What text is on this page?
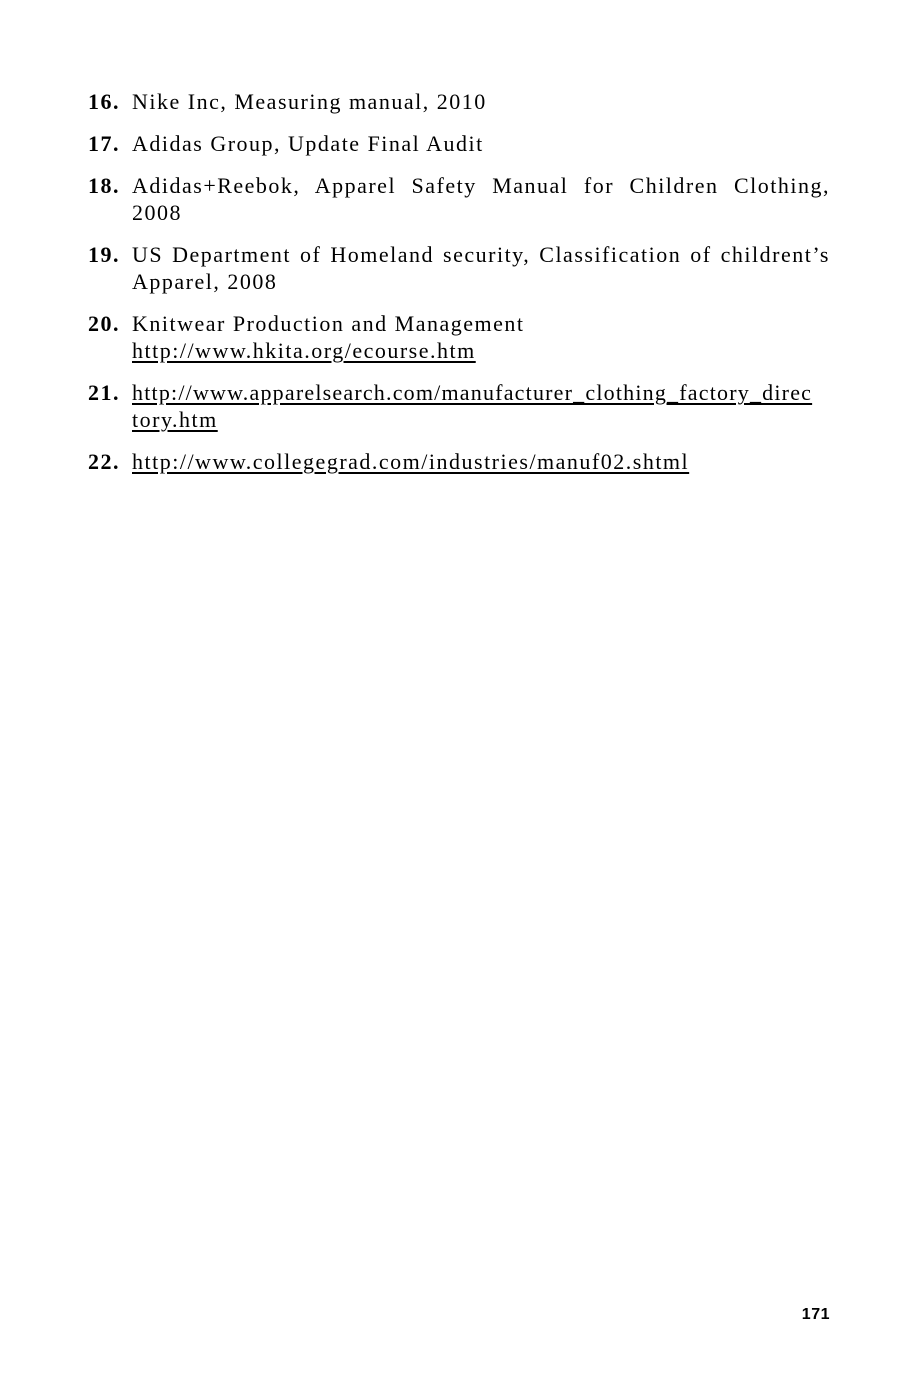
16. Nike Inc, Measuring manual, 2010
17. Adidas Group, Update Final Audit
18. Adidas+Reebok, Apparel Safety Manual for Children Clothing,
2008
19. US Department of Homeland security, Classification of childrent’s
Apparel, 2008
20. Knitwear Production and Management
http://www.hkita.org/ecourse.htm
21. http://www.apparelsearch.com/manufacturer_clothing_factory_direc
tory.htm
22. http://www.collegegrad.com/industries/manuf02.shtml
171
